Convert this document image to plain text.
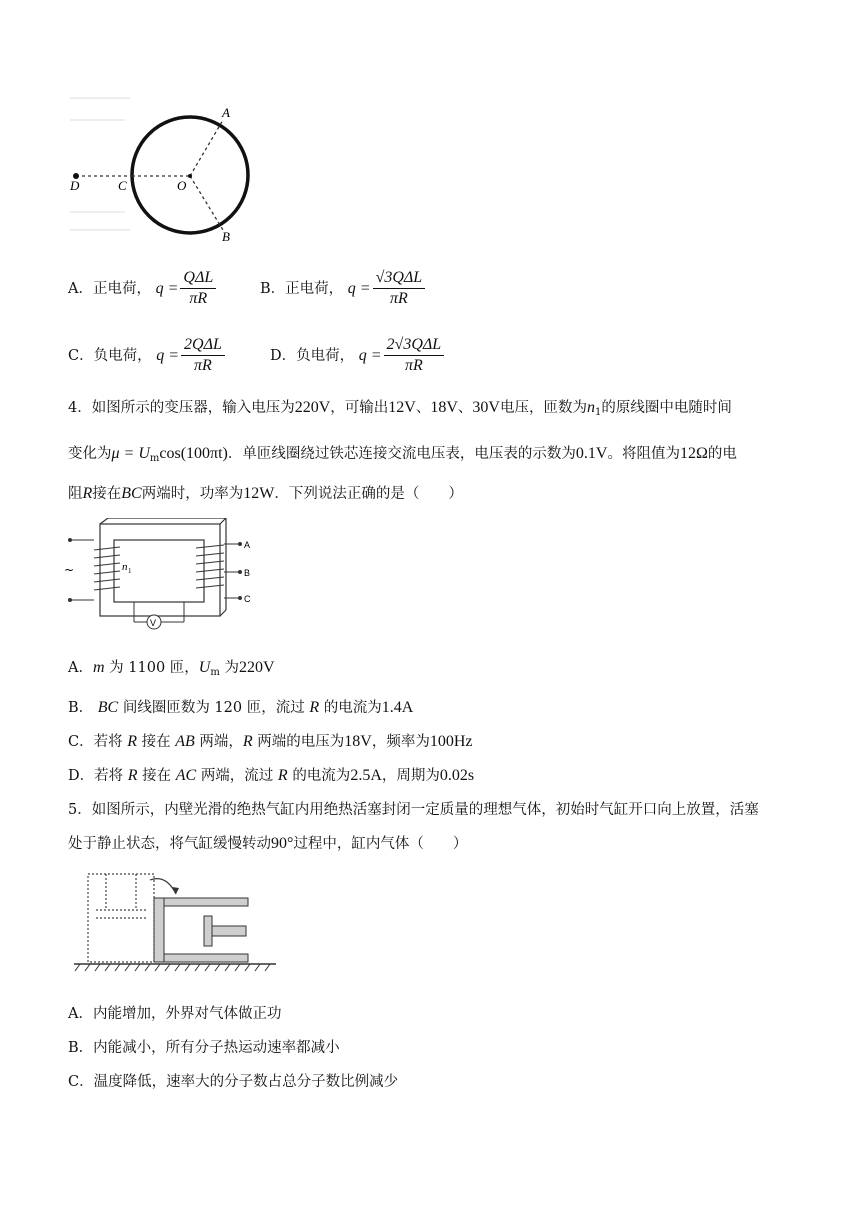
D	C	O
A
B
A． 正电荷，
$q = \frac{\text{QΔL}}{\pi R}$	B． 正电荷，
$q = \frac{\text{√3QΔL}}{\pi R}$
C． 负电荷，
$q = \frac{\text{2QΔL}}{\pi R}$	D． 负电荷，
$q = \frac{\text{2√3QΔL}}{\pi R}$
4．如图所示的变压器，输入电压为220V，可输出12V、18V、30V电压，匝数为$n_1$的原线圈中电随时间
变化为$\mu = U_m\cos(100\pi t)$．单匝线圈绕过铁芯连接交流电压表，电压表的示数为0.1V。将阻值为12Ω的电
阻R接在BC两端时，功率为12W．下列说法正确的是（　　）
V
~	n 1
A
B
C
A．m 为 1100 匝，$U_m$ 为220V
B． BC 间线圈匝数为 120 匝，流过 R 的电流为1.4A
C．若将 R 接在 AB 两端，R 两端的电压为18V，频率为100Hz
D．若将 R 接在 AC 两端，流过 R 的电流为2.5A，周期为0.02s
5．如图所示，内壁光滑的绝热气缸内用绝热活塞封闭一定质量的理想气体，初始时气缸开口向上放置，活塞
处于静止状态，将气缸缓慢转动90°过程中，缸内气体（　　）
A．内能增加，外界对气体做正功
B．内能减小，所有分子热运动速率都减小
C．温度降低，速率大的分子数占总分子数比例减少
